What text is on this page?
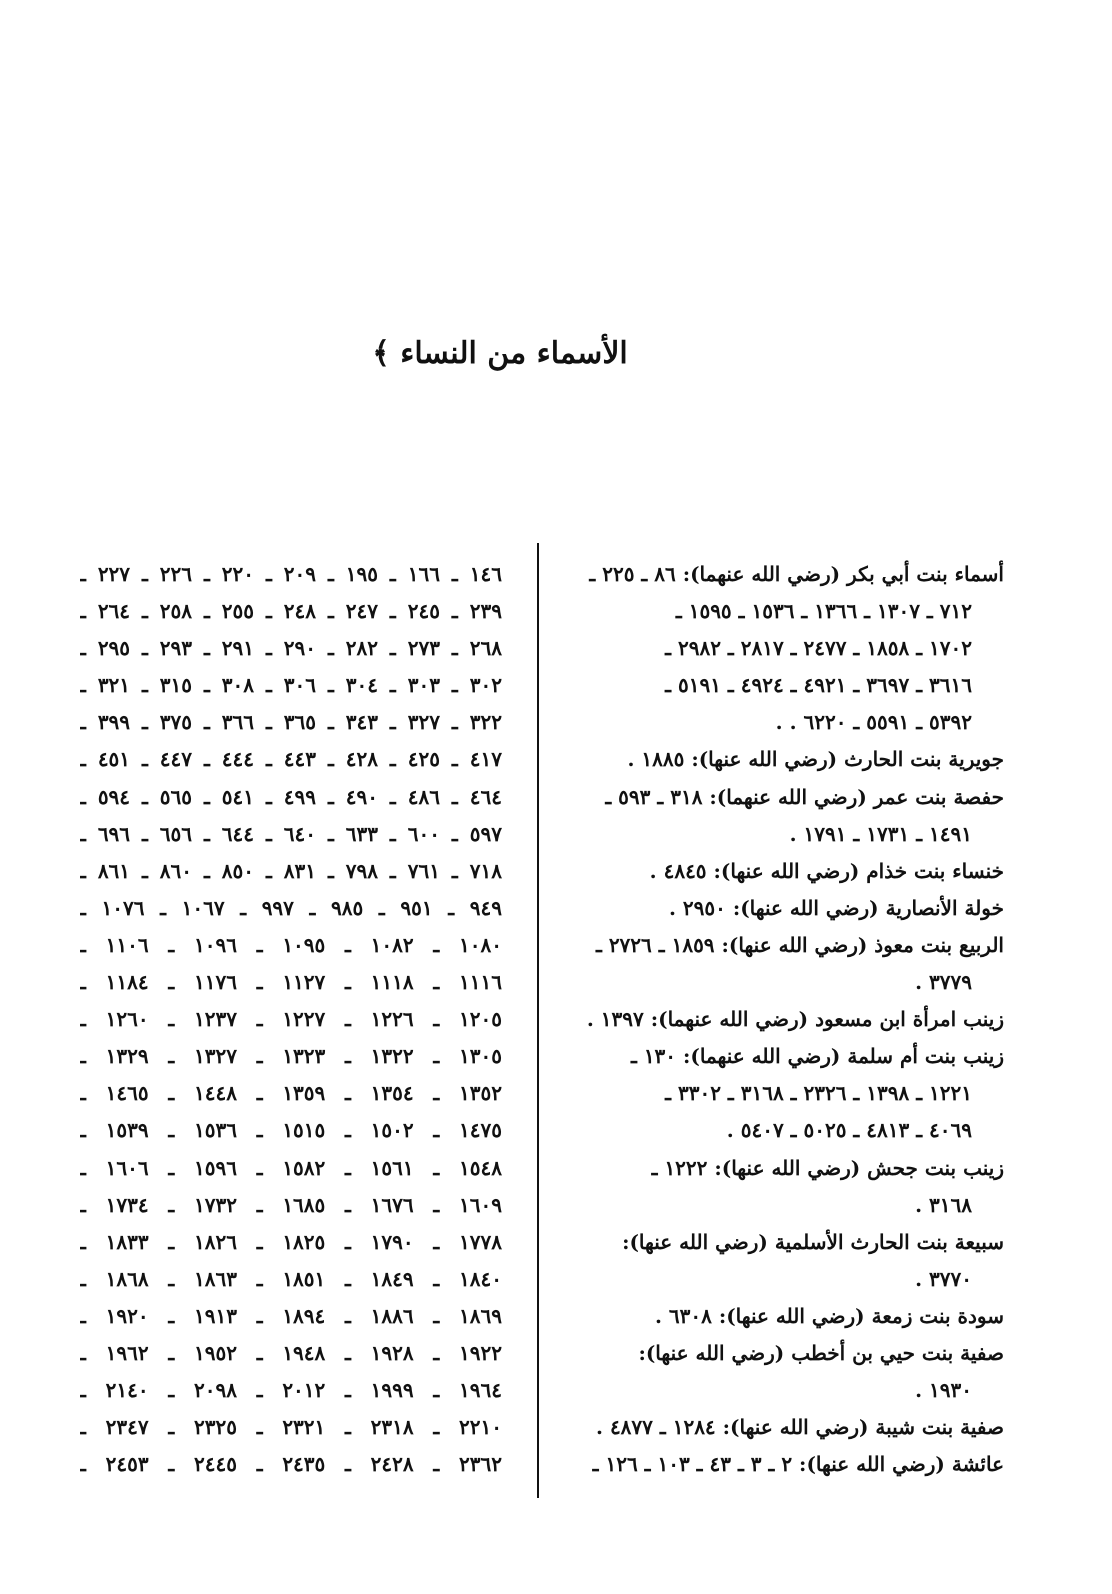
الأسماء من النساء ﴾

أسماء بنت أبي بكر (رضي الله عنهما): ٨٦ ـ ٢٢٥ ـ

٧١٢ ـ ١٣٠٧ ـ ١٣٦٦ ـ ١٥٣٦ ـ ١٥٩٥ ـ

١٧٠٢ ـ ١٨٥٨ ـ ٢٤٧٧ ـ ٢٨١٧ ـ ٢٩٨٢ ـ

٣٦١٦ ـ ٣٦٩٧ ـ ٤٩٢١ ـ ٤٩٢٤ ـ ٥١٩١ ـ

٥٣٩٢ ـ ٥٥٩١ ـ ٦٢٢٠ . .

جويرية بنت الحارث (رضي الله عنها): ١٨٨٥ .

حفصة بنت عمر (رضي الله عنهما): ٣١٨ ـ ٥٩٣ ـ

١٤٩١ ـ ١٧٣١ ـ ١٧٩١ .

خنساء بنت خذام (رضي الله عنها): ٤٨٤٥ .

خولة الأنصارية (رضي الله عنها): ٢٩٥٠ .

الربيع بنت معوذ (رضي الله عنها): ١٨٥٩ ـ ٢٧٢٦ ـ

٣٧٧٩ .

زينب امرأة ابن مسعود (رضي الله عنهما): ١٣٩٧ .

زينب بنت أم سلمة (رضي الله عنهما): ١٣٠ ـ

١٢٢١ ـ ١٣٩٨ ـ ٢٣٢٦ ـ ٣١٦٨ ـ ٣٣٠٢ ـ

٤٠٦٩ ـ ٤٨١٣ ـ ٥٠٢٥ ـ ٥٤٠٧ .

زينب بنت جحش (رضي الله عنها): ١٢٢٢ ـ

٣١٦٨ .

سبيعة بنت الحارث الأسلمية (رضي الله عنها):

٣٧٧٠ .

سودة بنت زمعة (رضي الله عنها): ٦٣٠٨ .

صفية بنت حيي بن أخطب (رضي الله عنها):

١٩٣٠ .

صفية بنت شيبة (رضي الله عنها): ١٢٨٤ ـ ٤٨٧٧ .

عائشة (رضي الله عنها): ٢ ـ ٣ ـ ٤٣ ـ ١٠٣ ـ ١٢٦ ـ

١٤٦ ـ ١٦٦ ـ ١٩٥ ـ ٢٠٩ ـ ٢٢٠ ـ ٢٢٦ ـ ٢٢٧ ـ

٢٣٩ ـ ٢٤٥ ـ ٢٤٧ ـ ٢٤٨ ـ ٢٥٥ ـ ٢٥٨ ـ ٢٦٤ ـ

٢٦٨ ـ ٢٧٣ ـ ٢٨٢ ـ ٢٩٠ ـ ٢٩١ ـ ٢٩٣ ـ ٢٩٥ ـ

٣٠٢ ـ ٣٠٣ ـ ٣٠٤ ـ ٣٠٦ ـ ٣٠٨ ـ ٣١٥ ـ ٣٢١ ـ

٣٢٢ ـ ٣٢٧ ـ ٣٤٣ ـ ٣٦٥ ـ ٣٦٦ ـ ٣٧٥ ـ ٣٩٩ ـ

٤١٧ ـ ٤٢٥ ـ ٤٢٨ ـ ٤٤٣ ـ ٤٤٤ ـ ٤٤٧ ـ ٤٥١ ـ

٤٦٤ ـ ٤٨٦ ـ ٤٩٠ ـ ٤٩٩ ـ ٥٤١ ـ ٥٦٥ ـ ٥٩٤ ـ

٥٩٧ ـ ٦٠٠ ـ ٦٣٣ ـ ٦٤٠ ـ ٦٤٤ ـ ٦٥٦ ـ ٦٩٦ ـ

٧١٨ ـ ٧٦١ ـ ٧٩٨ ـ ٨٣١ ـ ٨٥٠ ـ ٨٦٠ ـ ٨٦١ ـ

٩٤٩ ـ ٩٥١ ـ ٩٨٥ ـ ٩٩٧ ـ ١٠٦٧ ـ ١٠٧٦ ـ

١٠٨٠ ـ ١٠٨٢ ـ ١٠٩٥ ـ ١٠٩٦ ـ ١١٠٦ ـ

١١١٦ ـ ١١١٨ ـ ١١٢٧ ـ ١١٧٦ ـ ١١٨٤ ـ

١٢٠٥ ـ ١٢٢٦ ـ ١٢٢٧ ـ ١٢٣٧ ـ ١٢٦٠ ـ

١٣٠٥ ـ ١٣٢٢ ـ ١٣٢٣ ـ ١٣٢٧ ـ ١٣٢٩ ـ

١٣٥٢ ـ ١٣٥٤ ـ ١٣٥٩ ـ ١٤٤٨ ـ ١٤٦٥ ـ

١٤٧٥ ـ ١٥٠٢ ـ ١٥١٥ ـ ١٥٣٦ ـ ١٥٣٩ ـ

١٥٤٨ ـ ١٥٦١ ـ ١٥٨٢ ـ ١٥٩٦ ـ ١٦٠٦ ـ

١٦٠٩ ـ ١٦٧٦ ـ ١٦٨٥ ـ ١٧٣٢ ـ ١٧٣٤ ـ

١٧٧٨ ـ ١٧٩٠ ـ ١٨٢٥ ـ ١٨٢٦ ـ ١٨٣٣ ـ

١٨٤٠ ـ ١٨٤٩ ـ ١٨٥١ ـ ١٨٦٣ ـ ١٨٦٨ ـ

١٨٦٩ ـ ١٨٨٦ ـ ١٨٩٤ ـ ١٩١٣ ـ ١٩٢٠ ـ

١٩٢٢ ـ ١٩٢٨ ـ ١٩٤٨ ـ ١٩٥٢ ـ ١٩٦٢ ـ

١٩٦٤ ـ ١٩٩٩ ـ ٢٠١٢ ـ ٢٠٩٨ ـ ٢١٤٠ ـ

٢٢١٠ ـ ٢٣١٨ ـ ٢٣٢١ ـ ٢٣٢٥ ـ ٢٣٤٧ ـ

٢٣٦٢ ـ ٢٤٢٨ ـ ٢٤٣٥ ـ ٢٤٤٥ ـ ٢٤٥٣ ـ
